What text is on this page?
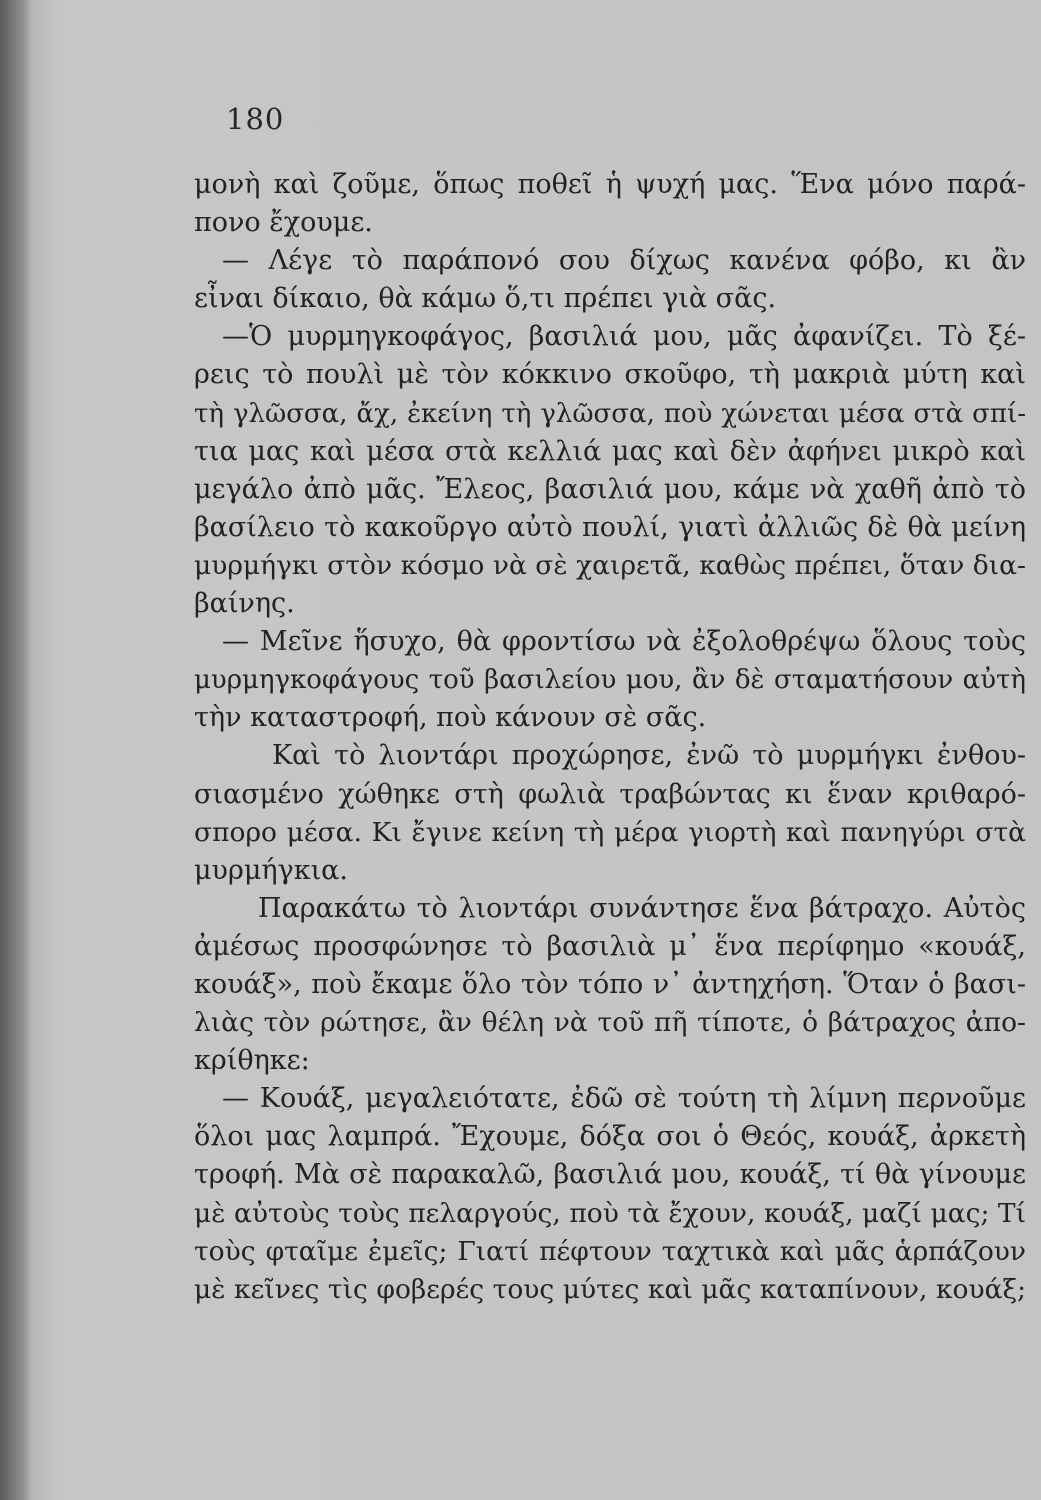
180

μονὴ καὶ ζοῦμε, ὅπως ποθεῖ ἡ ψυχή μας. Ἕνα μόνο παρά-

πονο ἔχουμε.

— Λέγε τὸ παράπονό σου δίχως κανένα φόβο, κι ἂν

εἶναι δίκαιο, θὰ κάμω ὅ,τι πρέπει γιὰ σᾶς.

—Ὁ μυρμηγκοφάγος, βασιλιά μου, μᾶς ἀφανίζει. Τὸ ξέ-

ρεις τὸ πουλὶ μὲ τὸν κόκκινο σκοῦφο, τὴ μακριὰ μύτη καὶ

τὴ γλῶσσα, ἄχ, ἐκείνη τὴ γλῶσσα, ποὺ χώνεται μέσα στὰ σπί-

τια μας καὶ μέσα στὰ κελλιά μας καὶ δὲν ἀφήνει μικρὸ καὶ

μεγάλο ἀπὸ μᾶς. Ἔλεος, βασιλιά μου, κάμε νὰ χαθῆ ἀπὸ τὸ

βασίλειο τὸ κακοῦργο αὐτὸ πουλί, γιατὶ ἀλλιῶς δὲ θὰ μείνη

μυρμήγκι στὸν κόσμο νὰ σὲ χαιρετᾶ, καθὼς πρέπει, ὅταν δια-

βαίνης.

— Μεῖνε ἥσυχο, θὰ φροντίσω νὰ ἐξολοθρέψω ὅλους τοὺς

μυρμηγκοφάγους τοῦ βασιλείου μου, ἂν δὲ σταματήσουν αὐτὴ

τὴν καταστροφή, ποὺ κάνουν σὲ σᾶς.

Καὶ τὸ λιοντάρι προχώρησε, ἐνῶ τὸ μυρμήγκι ἐνθου-

σιασμένο χώθηκε στὴ φωλιὰ τραβώντας κι ἕναν κριθαρό-

σπορο μέσα. Κι ἔγινε κείνη τὴ μέρα γιορτὴ καὶ πανηγύρι στὰ

μυρμήγκια.

Παρακάτω τὸ λιοντάρι συνάντησε ἕνα βάτραχο. Αὐτὸς

ἀμέσως προσφώνησε τὸ βασιλιὰ μ᾽ ἕνα περίφημο «κουάξ,

κουάξ», ποὺ ἔκαμε ὅλο τὸν τόπο ν᾽ ἀντηχήση. Ὅταν ὁ βασι-

λιὰς τὸν ρώτησε, ἂν θέλη νὰ τοῦ πῆ τίποτε, ὁ βάτραχος ἀπο-

κρίθηκε:

— Κουάξ, μεγαλειότατε, ἐδῶ σὲ τούτη τὴ λίμνη περνοῦμε

ὅλοι μας λαμπρά. Ἔχουμε, δόξα σοι ὁ Θεός, κουάξ, ἀρκετὴ

τροφή. Μὰ σὲ παρακαλῶ, βασιλιά μου, κουάξ, τί θὰ γίνουμε

μὲ αὐτοὺς τοὺς πελαργούς, ποὺ τὰ ἔχουν, κουάξ, μαζί μας; Τί

τοὺς φταῖμε ἐμεῖς; Γιατί πέφτουν ταχτικὰ καὶ μᾶς ἁρπάζουν

μὲ κεῖνες τὶς φοβερές τους μύτες καὶ μᾶς καταπίνουν, κουάξ;
